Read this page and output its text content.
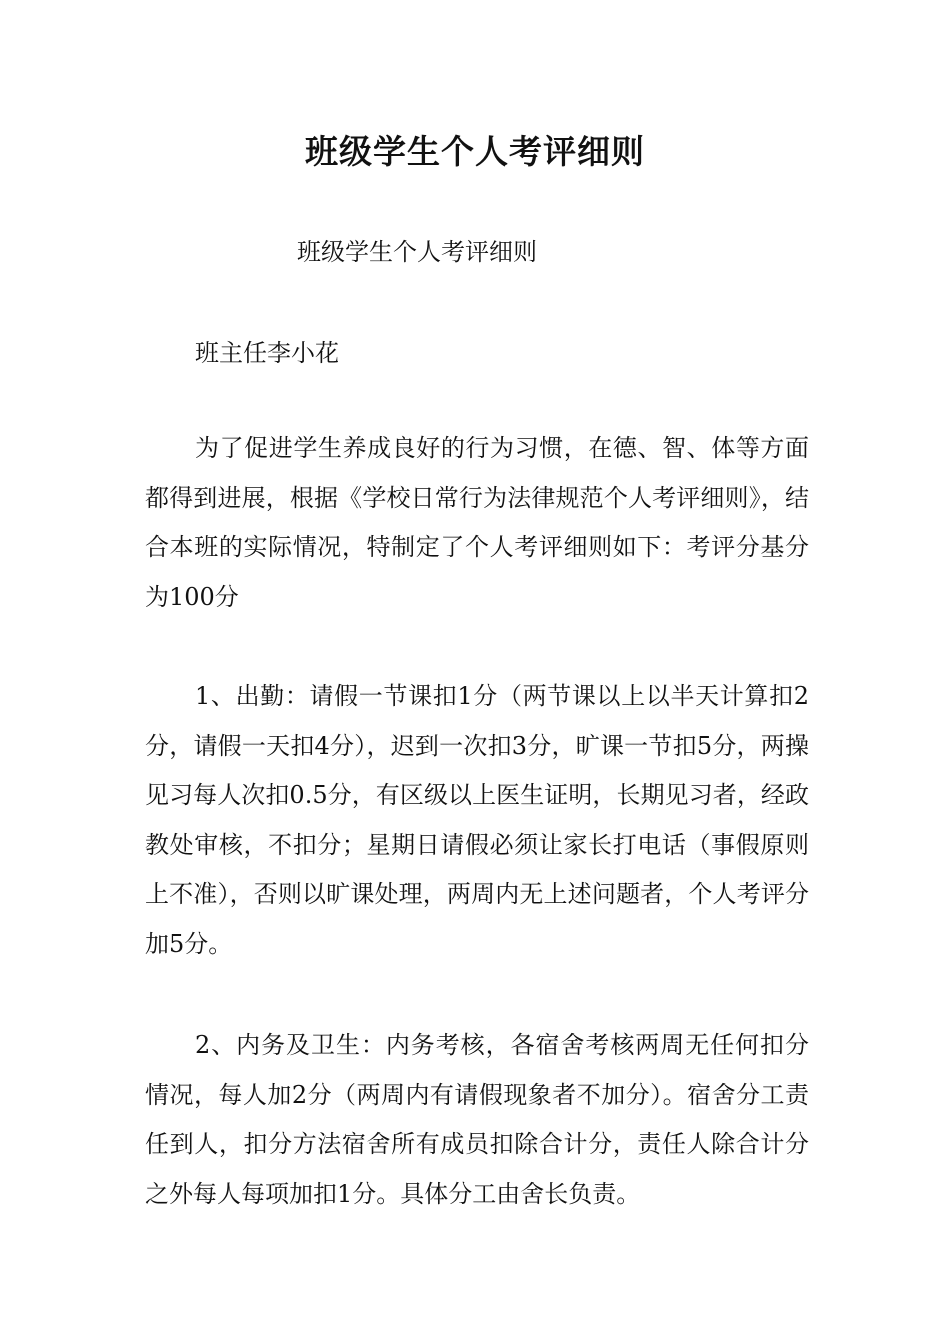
班级学生个人考评细则

班级学生个人考评细则

班主任李小花

为了促进学生养成良好的行为习惯，在德、智、体等方面都得到进展，根据《学校日常行为法律规范个人考评细则》，结合本班的实际情况，特制定了个人考评细则如下：考评分基分为100分

1、出勤：请假一节课扣1分（两节课以上以半天计算扣2分，请假一天扣4分），迟到一次扣3分，旷课一节扣5分，两操见习每人次扣0.5分，有区级以上医生证明，长期见习者，经政教处审核，不扣分；星期日请假必须让家长打电话（事假原则上不准），否则以旷课处理，两周内无上述问题者，个人考评分加5分。

2、内务及卫生：内务考核，各宿舍考核两周无任何扣分情况，每人加2分（两周内有请假现象者不加分）。宿舍分工责任到人，扣分方法宿舍所有成员扣除合计分，责任人除合计分之外每人每项加扣1分。具体分工由舍长负责。
